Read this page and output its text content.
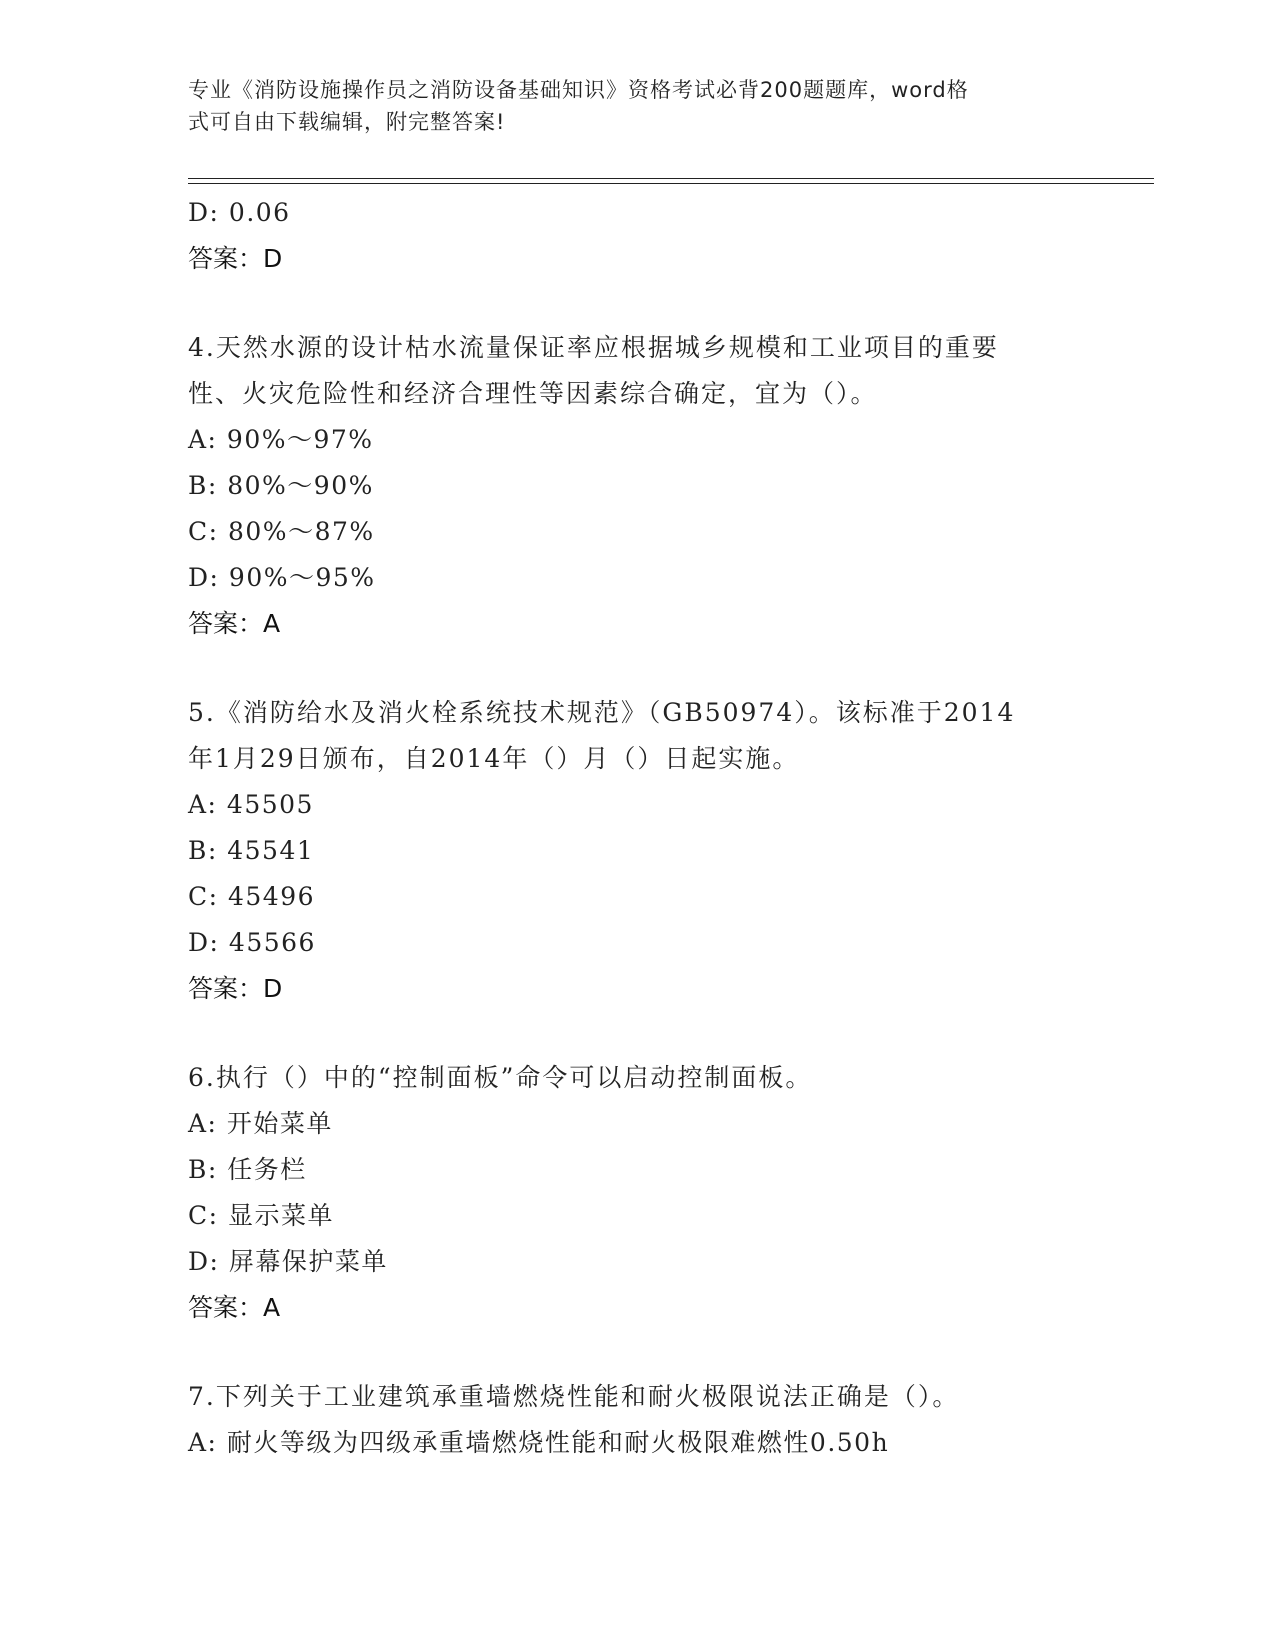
专业《消防设施操作员之消防设备基础知识》资格考试必背200题题库，word格
式可自由下载编辑，附完整答案!
D: 0.06
答案：D
4.天然水源的设计枯水流量保证率应根据城乡规模和工业项目的重要
性、火灾危险性和经济合理性等因素综合确定，宜为（）。
A: 90%～97%
B: 80%～90%
C: 80%～87%
D: 90%～95%
答案：A
5.《消防给水及消火栓系统技术规范》（GB50974）。该标准于2014
年1月29日颁布，自2014年（）月（）日起实施。
A: 45505
B: 45541
C: 45496
D: 45566
答案：D
6.执行（）中的“控制面板”命令可以启动控制面板。
A: 开始菜单
B: 任务栏
C: 显示菜单
D: 屏幕保护菜单
答案：A
7.下列关于工业建筑承重墙燃烧性能和耐火极限说法正确是（）。
A: 耐火等级为四级承重墙燃烧性能和耐火极限难燃性0.50h
